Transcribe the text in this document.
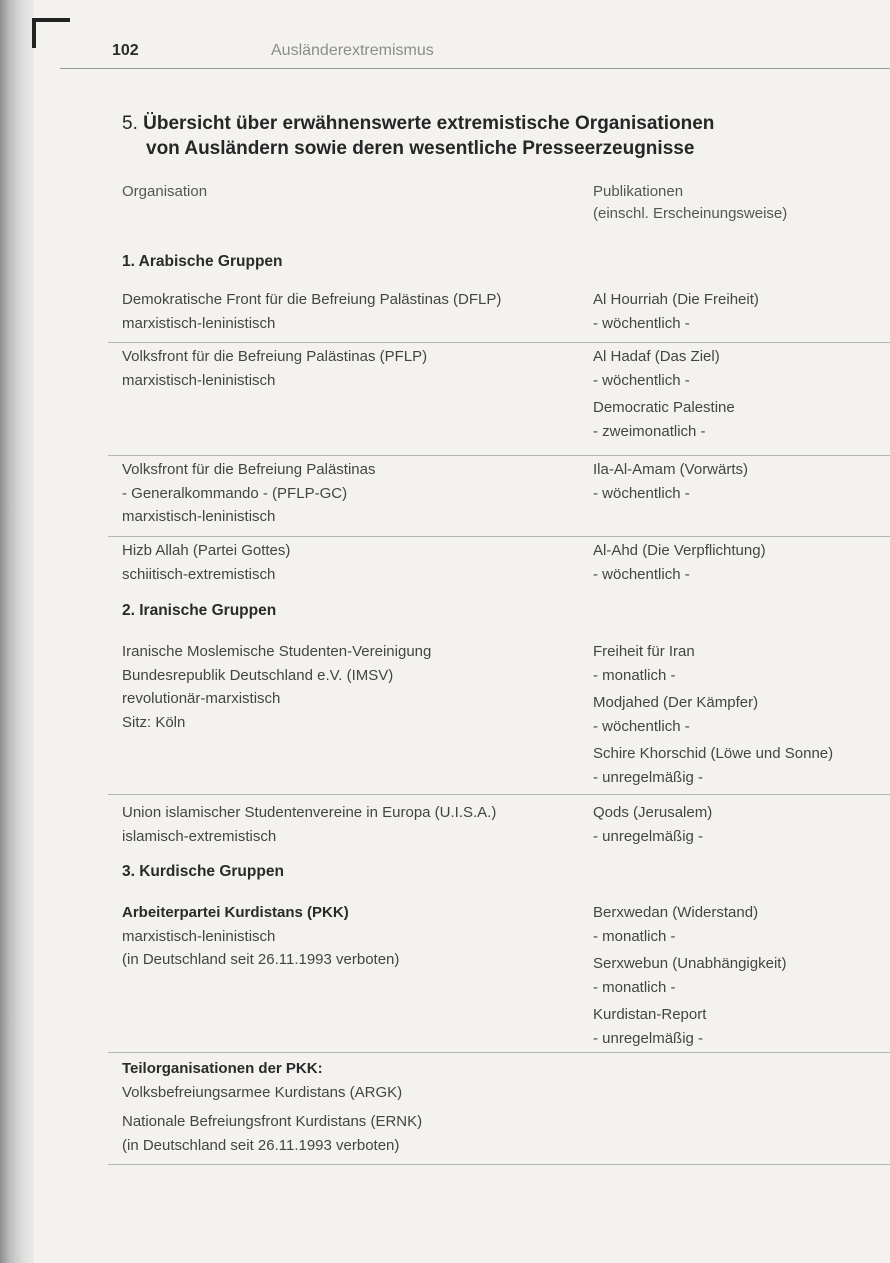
102	Ausländerextremismus
5. Übersicht über erwähnenswerte extremistische Organisationen
von Ausländern sowie deren wesentliche Presseerzeugnisse
Organisation	Publikationen
(einschl. Erscheinungsweise)
1. Arabische Gruppen
Demokratische Front für die Befreiung Palästinas (DFLP)
marxistisch-leninistisch
Al Hourriah (Die Freiheit)
- wöchentlich -
Volksfront für die Befreiung Palästinas (PFLP)
marxistisch-leninistisch
Al Hadaf (Das Ziel)
- wöchentlich -
Democratic Palestine
- zweimonatlich -
Volksfront für die Befreiung Palästinas
- Generalkommando - (PFLP-GC)
marxistisch-leninistisch
Ila-Al-Amam (Vorwärts)
- wöchentlich -
Hizb Allah (Partei Gottes)
schiitisch-extremistisch
Al-Ahd (Die Verpflichtung)
- wöchentlich -
2. Iranische Gruppen
Iranische Moslemische Studenten-Vereinigung
Bundesrepublik Deutschland e.V. (IMSV)
revolutionär-marxistisch
Sitz: Köln
Freiheit für Iran
- monatlich -
Modjahed (Der Kämpfer)
- wöchentlich -
Schire Khorschid (Löwe und Sonne)
- unregelmäßig -
Union islamischer Studentenvereine in Europa (U.I.S.A.)
islamisch-extremistisch
Qods (Jerusalem)
- unregelmäßig -
3. Kurdische Gruppen
Arbeiterpartei Kurdistans (PKK)
marxistisch-leninistisch
(in Deutschland seit 26.11.1993 verboten)
Berxwedan (Widerstand)
- monatlich -
Serxwebun (Unabhängigkeit)
- monatlich -
Kurdistan-Report
- unregelmäßig -
Teilorganisationen der PKK:
Volksbefreiungsarmee Kurdistans (ARGK)
Nationale Befreiungsfront Kurdistans (ERNK)
(in Deutschland seit 26.11.1993 verboten)
